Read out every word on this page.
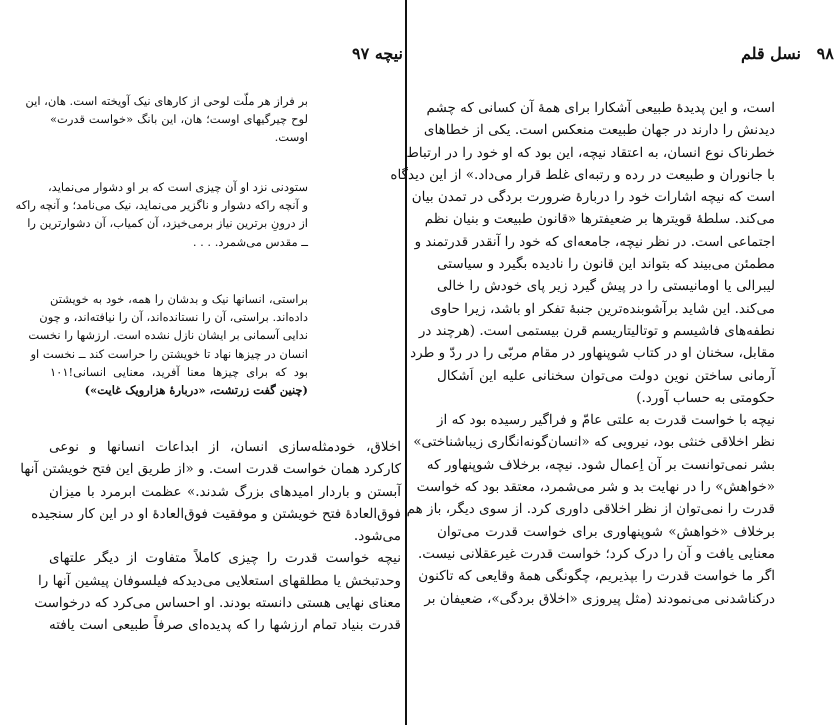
نیچه ۹۷
بر فراز هر ملّت لوحی از کارهای نیک آویخته است. هان، این
لوح چیرگیهای اوست؛ هان، این بانگ «خواست قدرت»
اوست.
ستودنی نزد او آن چیزی است که بر او دشوار می‌نماید،
و آنچه راکه دشوار و ناگزیر می‌نماید، نیک می‌نامد؛ و آنچه راکه
از درونِ برترین نیاز برمی‌خیزد، آن کمیاب، آن دشوارترین را
ــ مقدس می‌شمرد. . . .
براستی، انسانها نیک و بدشان را همه، خود به خویشتن
داده‌اند. براستی، آن را نستانده‌اند، آن را نیافته‌اند، و چون
ندایی آسمانی بر ایشان نازل نشده است. ارزشها را نخست
انسان در چیزها نهاد تا خویشتن را حراست کند ــ نخست او
بود که برای چیزها معنا آفرید، معنایی انسانی!۱۰۱
(چنین گفت زرتشت، «دربارهٔ هزارویک غایت»)
اخلاق، خودمثله‌سازی انسان، از ابداعات انسانها و نوعی
کارکرد همان خواست قدرت است. و «از طریق این فتح خویشتن آنها
آبستن و باردار امیدهای بزرگ شدند.» عظمت ابرمرد با میزان
فوق‌العادهٔ فتح خویشتن و موفقیت فوق‌العادهٔ او در این کار سنجیده
می‌شود.
نیچه خواست قدرت را چیزی کاملاً متفاوت از دیگر علتهای
وحدتبخش یا مطلقهای استعلایی می‌دیدکه فیلسوفان پیشین آنها را
معنای نهایی هستی دانسته بودند. او احساس می‌کرد که درخواست
قدرت بنیاد تمام ارزشها را که پدیده‌ای صرفاً طبیعی است یافته
۹۸ نسل قلم
است، و این پدیدهٔ طبیعی آشکارا برای همهٔ آن کسانی که چشم
دیدنش را دارند در جهان طبیعت منعکس است. یکی از خطاهای
خطرناک نوع انسان، به اعتقاد نیچه، این بود که او خود را در ارتباط
با جانوران و طبیعت در رده و رتبه‌ای غلط قرار می‌داد.» از این دیدگاه
است که نیچه اشارات خود را دربارهٔ ضرورت بردگی در تمدن بیان
می‌کند. سلطهٔ قویترها بر ضعیفترها «قانون طبیعت و بنیان نظم
اجتماعی است. در نظر نیچه، جامعه‌ای که خود را آنقدر قدرتمند و
مطمئن می‌بیند که بتواند این قانون را نادیده بگیرد و سیاستی
لیبرالی یا اومانیستی را در پیش گیرد زیر پای خودش را خالی
می‌کند. این شاید برآشوبنده‌ترین جنبهٔ تفکر او باشد، زیرا حاوی
نطفه‌های فاشیسم و توتالیتاریسم قرن بیستمی است. (هرچند در
مقابل، سخنان او در کتاب شوپنهاور در مقام مربّی را در ردّ و طرد
آرمانی ساختن نوین دولت می‌توان سخنانی علیه این اَشکال
حکومتی به حساب آورد.)
نیچه با خواست قدرت به علتی عامّ و فراگیر رسیده بود که از
نظر اخلاقی خنثی بود، نیرویی که «انسان‌گونه‌انگاری زیباشناختی»
بشر نمی‌توانست بر آن اِعمال شود. نیچه، برخلاف شوپنهاور که
«خواهش» را در نهایت بد و شر می‌شمرد، معتقد بود که خواست
قدرت را نمی‌توان از نظر اخلاقی داوری کرد. از سوی دیگر، باز هم
برخلاف «خواهش» شوپنهاوری برای خواست قدرت می‌توان
معنایی یافت و آن را درک کرد؛ خواست قدرت غیرعقلانی نیست.
اگر ما خواست قدرت را بپذیریم، چگونگی همهٔ وقایعی که تاکنون
درکناشدنی می‌نمودند (مثل پیروزی «اخلاق بردگی»، ضعیفان بر
